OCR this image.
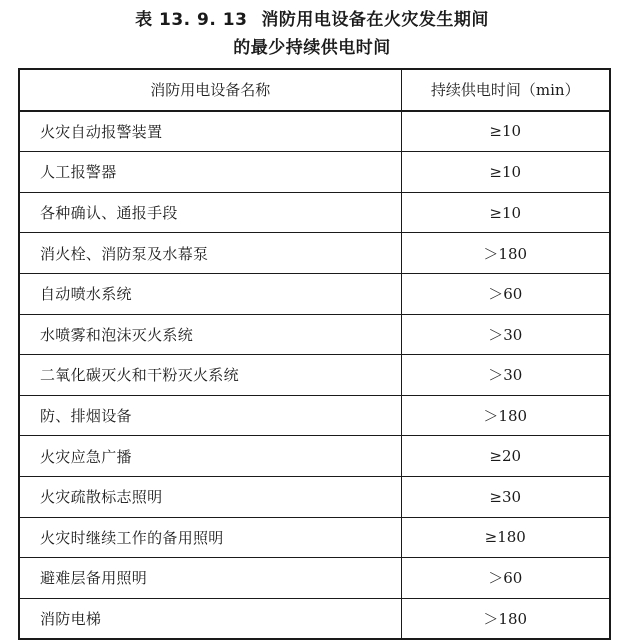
表 13. 9. 13 消防用电设备在火灾发生期间
的最少持续供电时间
消防用电设备名称	持续供电时间（min）
火灾自动报警装置	≥10
人工报警器	≥10
各种确认、通报手段	≥10
消火栓、消防泵及水幕泵	＞180
自动喷水系统	＞60
水喷雾和泡沫灭火系统	＞30
二氧化碳灭火和干粉灭火系统	＞30
防、排烟设备	＞180
火灾应急广播	≥20
火灾疏散标志照明	≥30
火灾时继续工作的备用照明	≥180
避难层备用照明	＞60
消防电梯	＞180
